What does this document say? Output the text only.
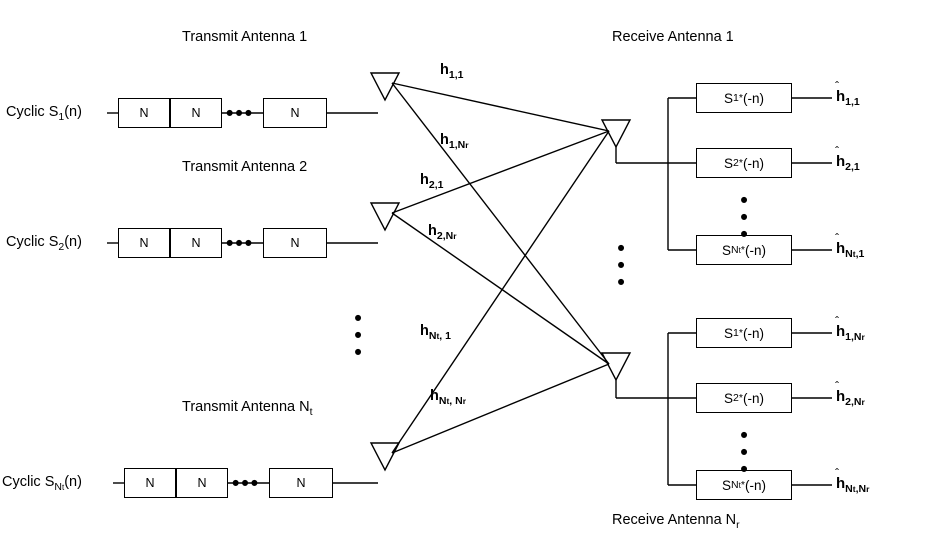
Transmit Antenna 1
Transmit Antenna 2
Transmit Antenna $N_t$
Cyclic $S_1(n)$	N	N	•••	N
Cyclic $S_2(n)$	N	N	•••	N
Cyclic $S_{Nt}(n)$	N	N	•••	N
•
•
•
•
•
•
$h_{1,1}$
$h_{1,Nr}$
$h_{2,1}$
$h_{2,Nr}$
$h_{Nt, 1}$
$h_{Nt, Nr}$
Receive Antenna 1
Receive Antenna $N_r$
S 1 * (-n)
S 2 * (-n)
S N t * (-n)
•
•
•
$h_{1,1}$
$h_{2,1}$
$h_{Nt,1}$
S 1 * (-n)
S 2 * (-n)
S N t * (-n)
•
•
•
$h_{1,Nr}$
$h_{2,Nr}$
$h_{Nt,Nr}$
